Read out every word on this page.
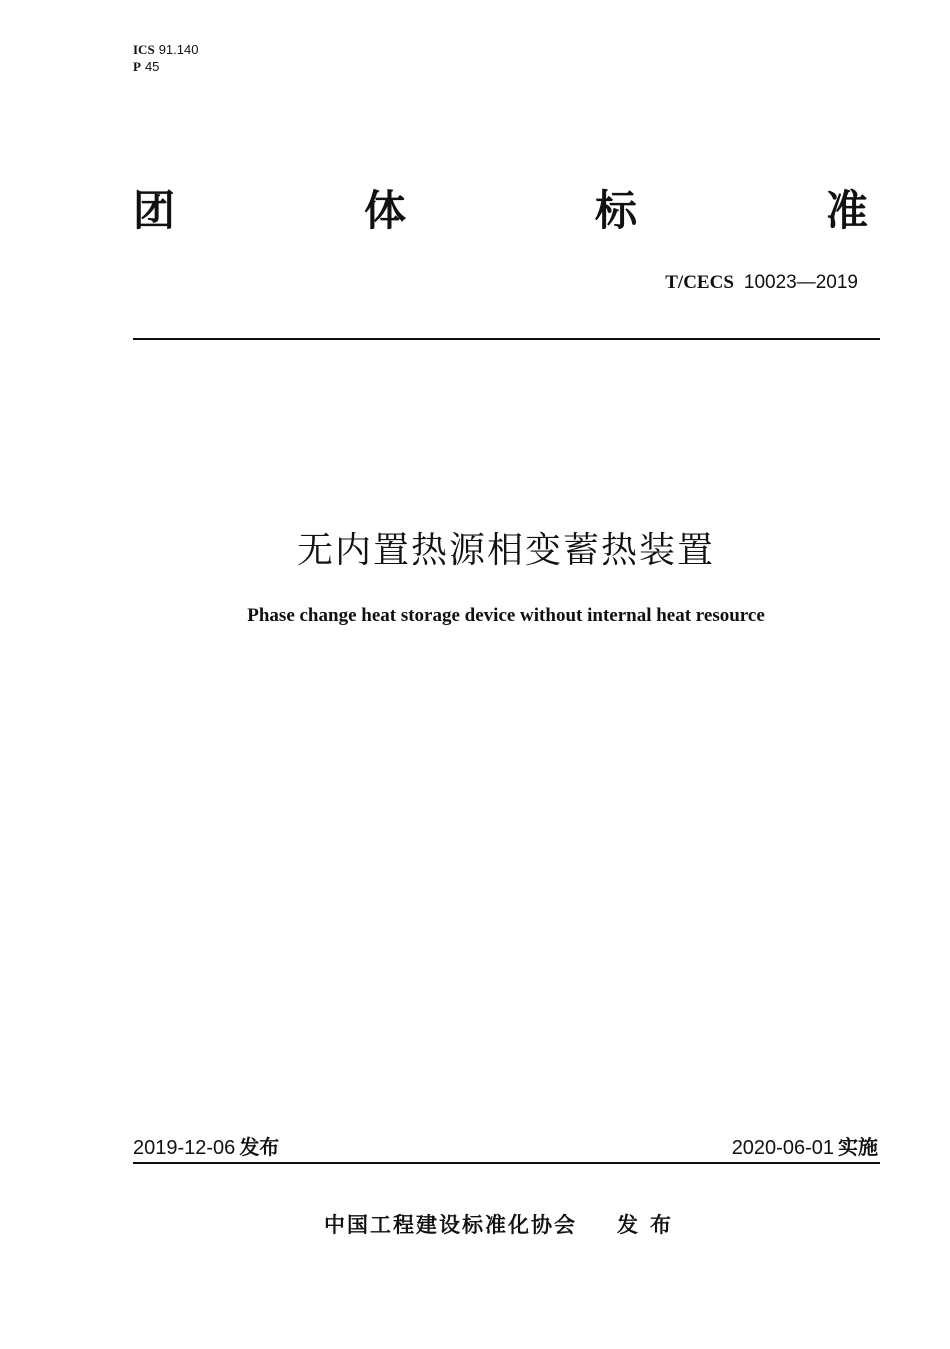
ICS 91.140
P 45
团	体	标	准
T/CECS 10023—2019
无内置热源相变蓄热装置
Phase change heat storage device without internal heat resource
2019-12-06 发布	2020-06-01 实施
中国工程建设标准化协会 发布
